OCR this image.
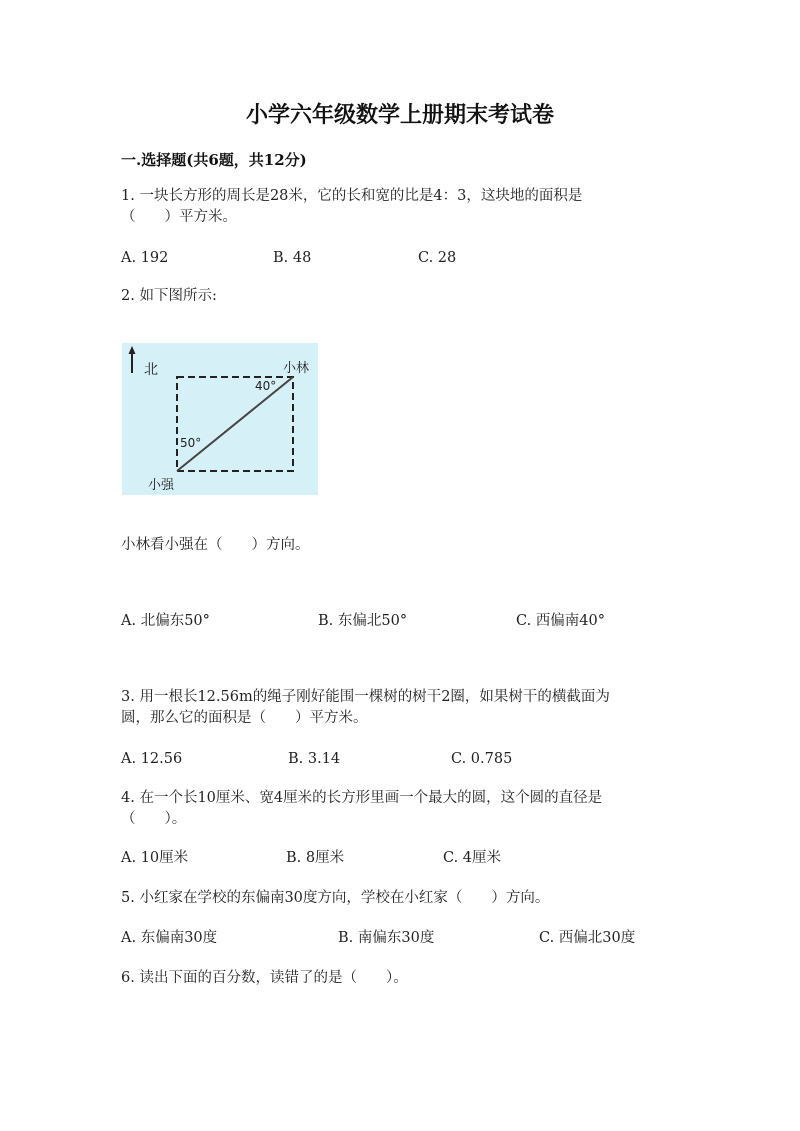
小学六年级数学上册期末考试卷
一.选择题(共6题，共12分)
1. 一块长方形的周长是28米，它的长和宽的比是4：3，这块地的面积是
（　　）平方米。
A. 192	B. 48	C. 28
2. 如下图所示:
北	小林
小强
40°
50°
小林看小强在（　　）方向。
A. 北偏东50°	B. 东偏北50°	C. 西偏南40°
3. 用一根长12.56m的绳子刚好能围一棵树的树干2圈，如果树干的横截面为
圆，那么它的面积是（　　）平方米。
A. 12.56	B. 3.14	C. 0.785
4. 在一个长10厘米、宽4厘米的长方形里画一个最大的圆，这个圆的直径是
（　　）。
A. 10厘米	B. 8厘米	C. 4厘米
5. 小红家在学校的东偏南30度方向，学校在小红家（　　）方向。
A. 东偏南30度	B. 南偏东30度	C. 西偏北30度
6. 读出下面的百分数，读错了的是（　　）。
